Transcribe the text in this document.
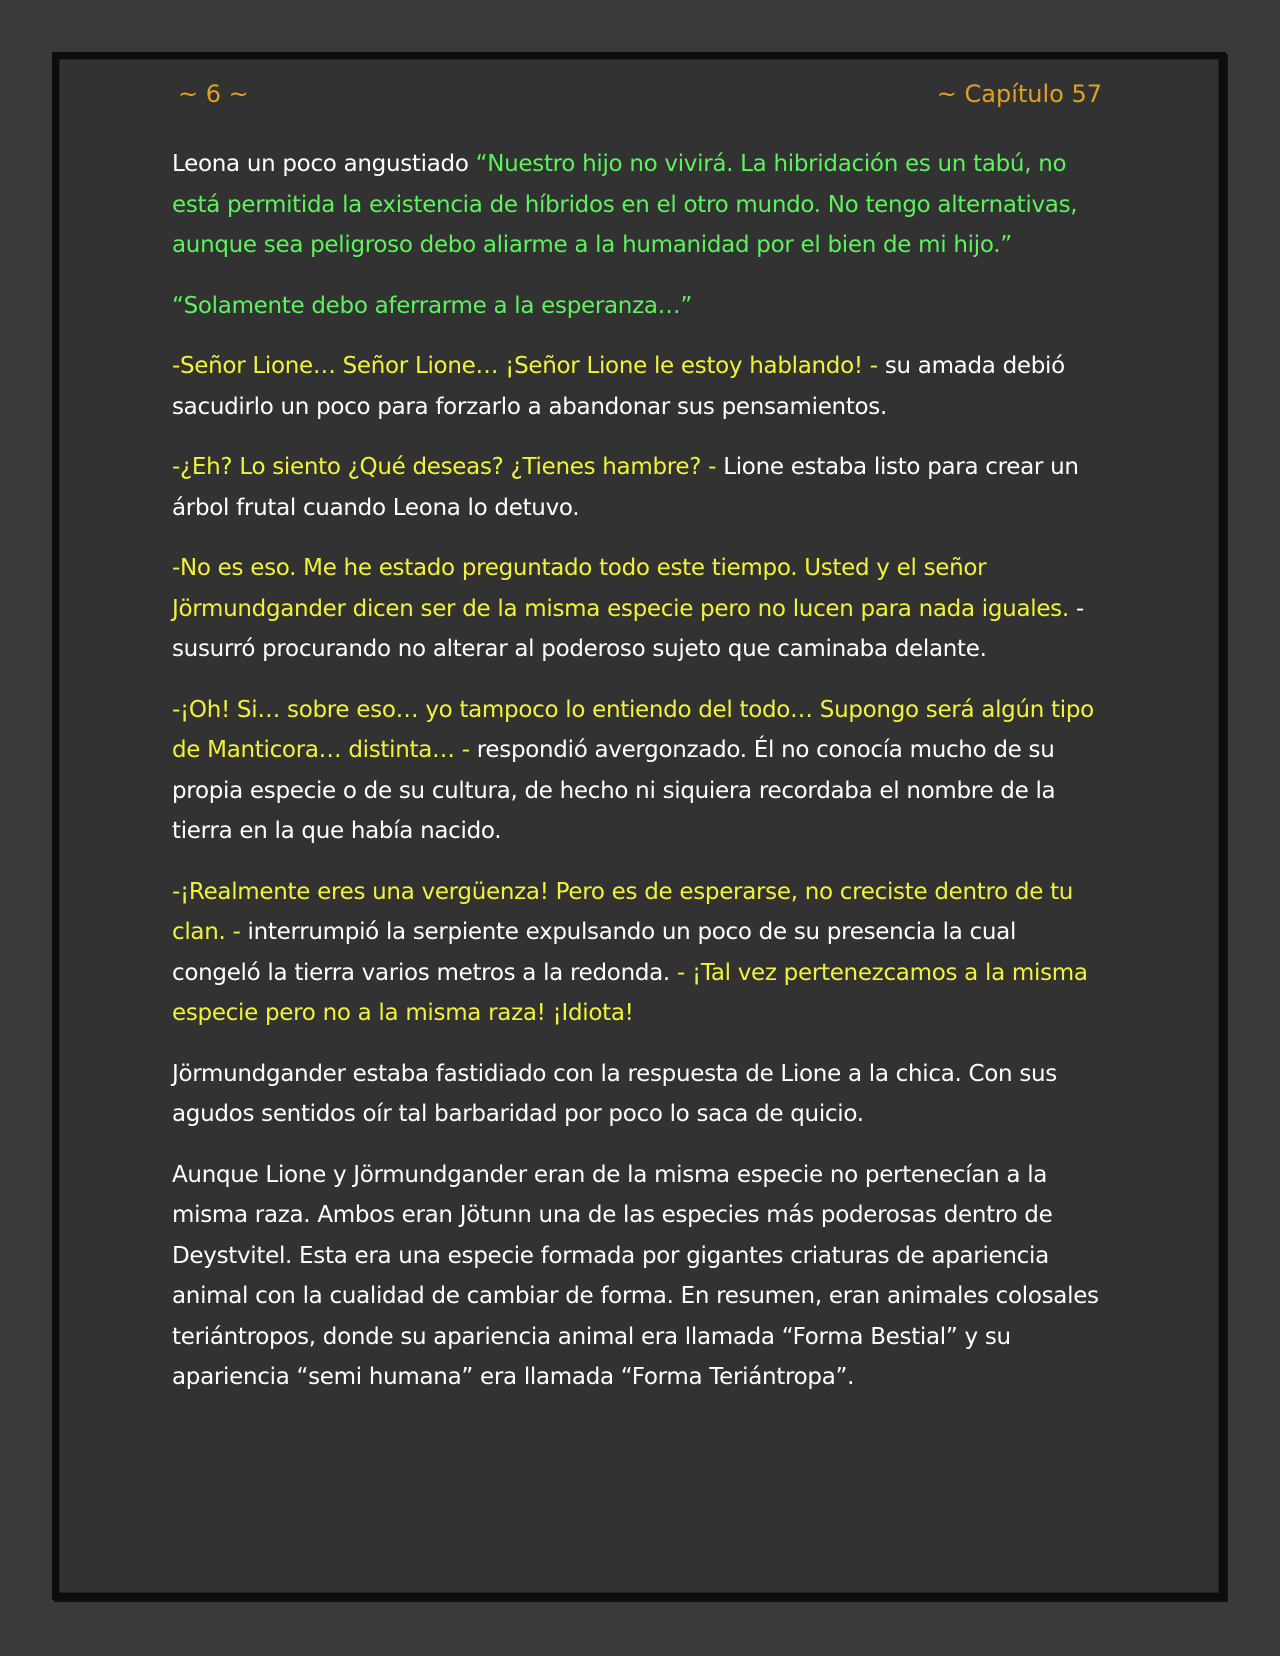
~ 6 ~	~ Capítulo 57

Leona un poco angustiado “Nuestro hijo no vivirá. La hibridación es un tabú, no está permitida la existencia de híbridos en el otro mundo. No tengo alternativas, aunque sea peligroso debo aliarme a la humanidad por el bien de mi hijo.”

“Solamente debo aferrarme a la esperanza…”

-Señor Lione… Señor Lione… ¡Señor Lione le estoy hablando! - su amada debió sacudirlo un poco para forzarlo a abandonar sus pensamientos.

-¿Eh? Lo siento ¿Qué deseas? ¿Tienes hambre? - Lione estaba listo para crear un árbol frutal cuando Leona lo detuvo.

-No es eso. Me he estado preguntado todo este tiempo. Usted y el señor Jörmundgander dicen ser de la misma especie pero no lucen para nada iguales. - susurró procurando no alterar al poderoso sujeto que caminaba delante.

-¡Oh! Si… sobre eso… yo tampoco lo entiendo del todo… Supongo será algún tipo de Manticora… distinta… - respondió avergonzado. Él no conocía mucho de su propia especie o de su cultura, de hecho ni siquiera recordaba el nombre de la tierra en la que había nacido.

-¡Realmente eres una vergüenza! Pero es de esperarse, no creciste dentro de tu clan. - interrumpió la serpiente expulsando un poco de su presencia la cual congeló la tierra varios metros a la redonda. - ¡Tal vez pertenezcamos a la misma especie pero no a la misma raza! ¡Idiota!

Jörmundgander estaba fastidiado con la respuesta de Lione a la chica. Con sus agudos sentidos oír tal barbaridad por poco lo saca de quicio.

Aunque Lione y Jörmundgander eran de la misma especie no pertenecían a la misma raza. Ambos eran Jötunn una de las especies más poderosas dentro de Deystvitel. Esta era una especie formada por gigantes criaturas de apariencia animal con la cualidad de cambiar de forma. En resumen, eran animales colosales teriántropos, donde su apariencia animal era llamada “Forma Bestial” y su apariencia “semi humana” era llamada “Forma Teriántropa”.
